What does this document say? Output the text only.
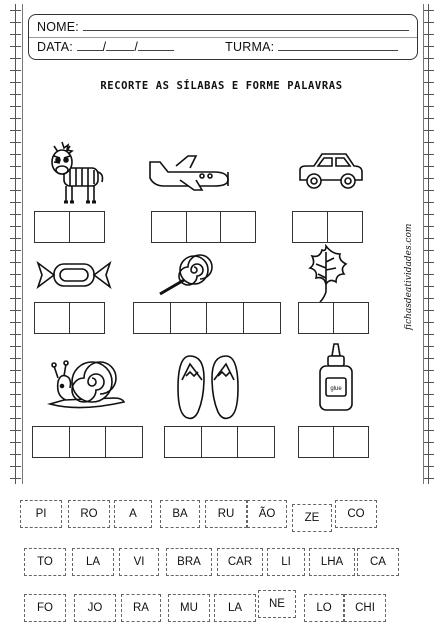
NOME:
DATA: / /	TURMA:
RECORTE AS SÍLABAS E FORME PALAVRAS
glue
fichasdeatividades.com
PI	RO	A	BA	RU	ÃO	ZE	CO
TO	LA	VI	BRA	CAR	LI	LHA	CA
FO	JO	RA	MU	LA	NE	LO	CHI
